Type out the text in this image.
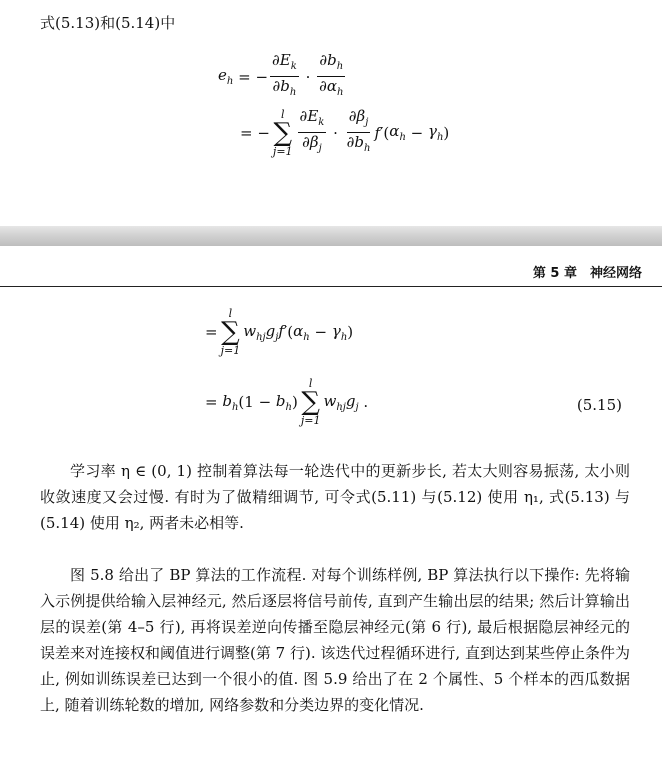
式(5.13)和(5.14)中
$e_h$ = − $\frac{\partial E_k}{\partial b_h} \cdot \frac{\partial b_h}{\partial\alpha_h}$
= −
l
∑
$j=1 \frac{\partial E_k}{\partial\beta_j} \cdot \frac{\partial\beta_j}{\partial b_h}$ f ′( $\alpha_h - \gamma_h$ )
第 5 章　神经网络
=
l
∑
j=1
$w_{hj}g_jf$ ′( $\alpha_h - \gamma_h$ )
= $b_h$ ($1 - b_h$ )
l
∑
j=1
$w_{hj}g_j$ .	(5.15)
学习率 η ∈ (0, 1) 控制着算法每一轮迭代中的更新步长, 若太大则容易振荡, 太小则收敛速度又会过慢. 有时为了做精细调节, 可令式(5.11) 与(5.12) 使用 η₁, 式(5.13) 与(5.14) 使用 η₂, 两者未必相等.
图 5.8 给出了 BP 算法的工作流程. 对每个训练样例, BP 算法执行以下操作: 先将输入示例提供给输入层神经元, 然后逐层将信号前传, 直到产生输出层的结果; 然后计算输出层的误差(第 4–5 行), 再将误差逆向传播至隐层神经元(第 6 行), 最后根据隐层神经元的误差来对连接权和阈值进行调整(第 7 行). 该迭代过程循环进行, 直到达到某些停止条件为止, 例如训练误差已达到一个很小的值. 图 5.9 给出了在 2 个属性、5 个样本的西瓜数据上, 随着训练轮数的增加, 网络参数和分类边界的变化情况.
